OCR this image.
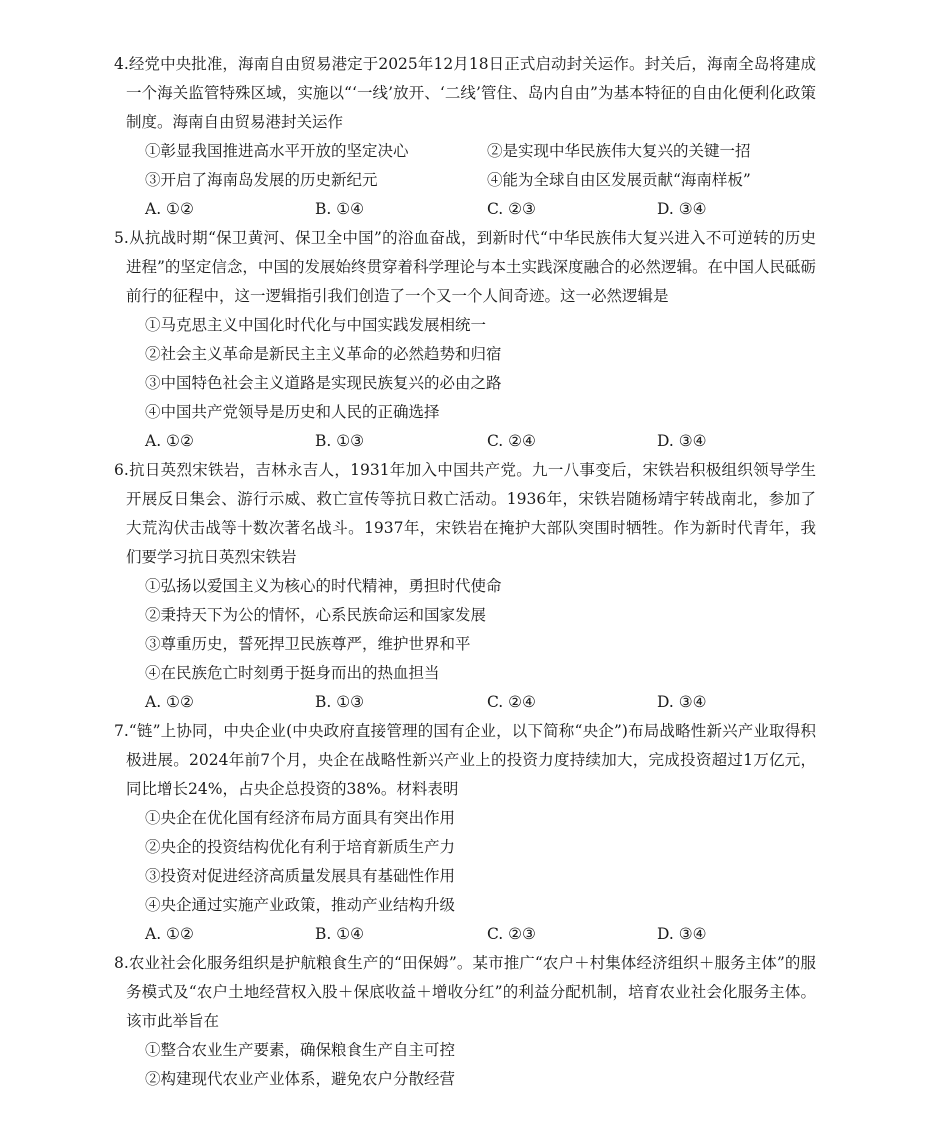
4.经党中央批准，海南自由贸易港定于2025年12月18日正式启动封关运作。封关后，海南全岛将建成一个海关监管特殊区域，实施以“‘一线’放开、‘二线’管住、岛内自由”为基本特征的自由化便利化政策制度。海南自由贸易港封关运作
①彰显我国推进高水平开放的坚定决心	②是实现中华民族伟大复兴的关键一招
③开启了海南岛发展的历史新纪元	④能为全球自由区发展贡献“海南样板”
A. ①②	B. ①④	C. ②③	D. ③④
5.从抗战时期“保卫黄河、保卫全中国”的浴血奋战，到新时代“中华民族伟大复兴进入不可逆转的历史进程”的坚定信念，中国的发展始终贯穿着科学理论与本土实践深度融合的必然逻辑。在中国人民砥砺前行的征程中，这一逻辑指引我们创造了一个又一个人间奇迹。这一必然逻辑是
①马克思主义中国化时代化与中国实践发展相统一
②社会主义革命是新民主主义革命的必然趋势和归宿
③中国特色社会主义道路是实现民族复兴的必由之路
④中国共产党领导是历史和人民的正确选择
A. ①②	B. ①③	C. ②④	D. ③④
6.抗日英烈宋铁岩，吉林永吉人，1931年加入中国共产党。九一八事变后，宋铁岩积极组织领导学生开展反日集会、游行示威、救亡宣传等抗日救亡活动。1936年，宋铁岩随杨靖宇转战南北，参加了大荒沟伏击战等十数次著名战斗。1937年，宋铁岩在掩护大部队突围时牺牲。作为新时代青年，我们要学习抗日英烈宋铁岩
①弘扬以爱国主义为核心的时代精神，勇担时代使命
②秉持天下为公的情怀，心系民族命运和国家发展
③尊重历史，誓死捍卫民族尊严，维护世界和平
④在民族危亡时刻勇于挺身而出的热血担当
A. ①②	B. ①③	C. ②④	D. ③④
7.“链”上协同，中央企业(中央政府直接管理的国有企业，以下简称“央企”)布局战略性新兴产业取得积极进展。2024年前7个月，央企在战略性新兴产业上的投资力度持续加大，完成投资超过1万亿元，同比增长24%，占央企总投资的38%。材料表明
①央企在优化国有经济布局方面具有突出作用
②央企的投资结构优化有利于培育新质生产力
③投资对促进经济高质量发展具有基础性作用
④央企通过实施产业政策，推动产业结构升级
A. ①②	B. ①④	C. ②③	D. ③④
8.农业社会化服务组织是护航粮食生产的“田保姆”。某市推广“农户＋村集体经济组织＋服务主体”的服务模式及“农户土地经营权入股＋保底收益＋增收分红”的利益分配机制，培育农业社会化服务主体。该市此举旨在
①整合农业生产要素，确保粮食生产自主可控
②构建现代农业产业体系，避免农户分散经营
